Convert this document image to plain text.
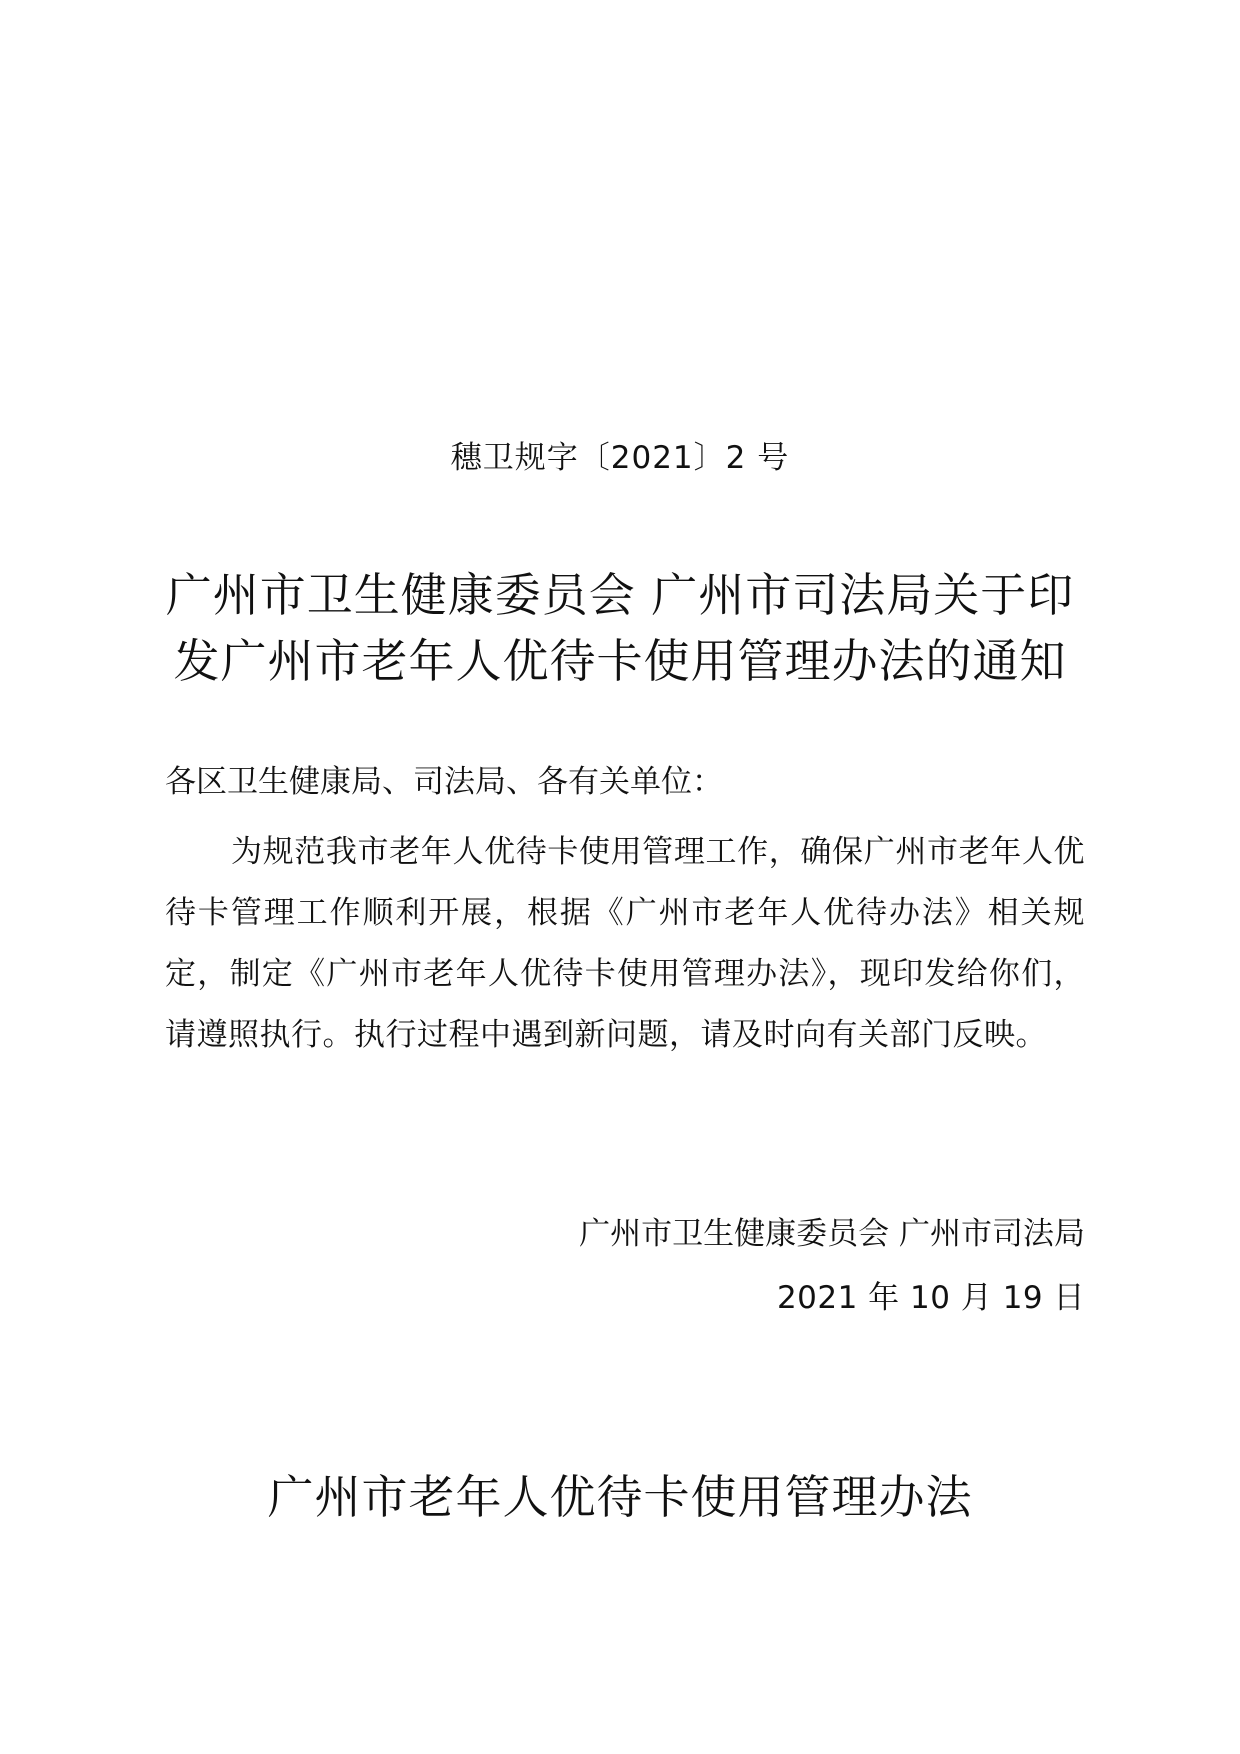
穗卫规字〔2021〕2 号
广州市卫生健康委员会 广州市司法局关于印
发广州市老年人优待卡使用管理办法的通知
各区卫生健康局、司法局、各有关单位：

为规范我市老年人优待卡使用管理工作，确保广州市老年人优待卡管理工作顺利开展，根据《广州市老年人优待办法》相关规定，制定《广州市老年人优待卡使用管理办法》，现印发给你们，请遵照执行。执行过程中遇到新问题，请及时向有关部门反映。

广州市卫生健康委员会 广州市司法局
2021 年 10 月 19 日
广州市老年人优待卡使用管理办法
